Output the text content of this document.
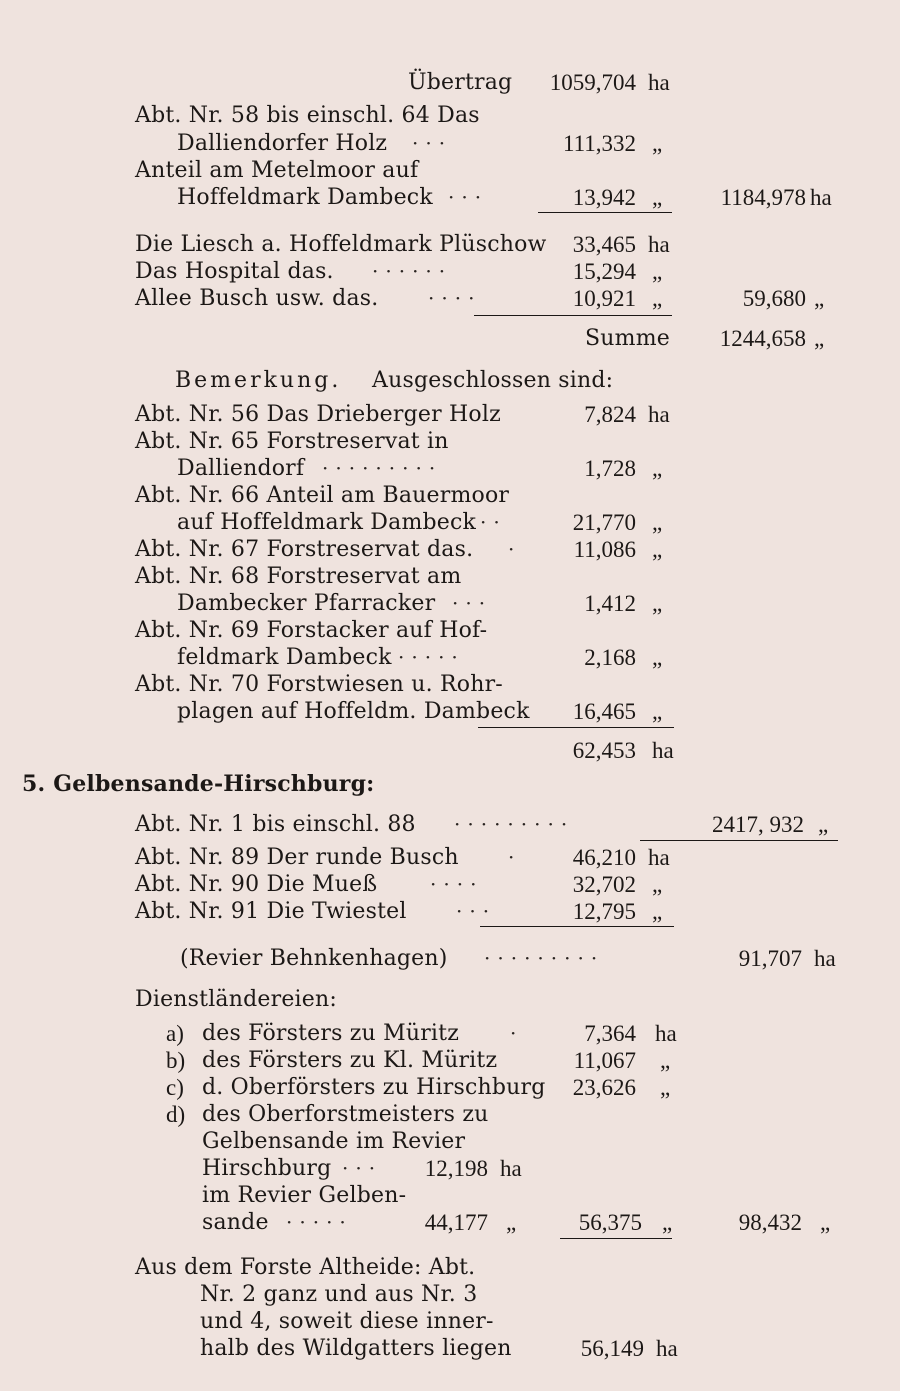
Übertrag	1059,704 ha
Abt. Nr. 58 bis einschl. 64 Das
Dalliendorfer Holz ···	111,332 „
Anteil am Metelmoor auf
Hoffeldmark Dambeck ···	13,942 „	1184,978 ha
Die Liesch a. Hoffeldmark Plüschow	33,465 ha
Das Hospital das. ······	15,294 „
Allee Busch usw. das. ····	10,921 „	59,680 „
Summe	1244,658 „
Bemerkung. Ausgeschlossen sind:
Abt. Nr. 56 Das Drieberger Holz	7,824 ha
Abt. Nr. 65 Forstreservat in
Dalliendorf ·········	1,728 „
Abt. Nr. 66 Anteil am Bauermoor
auf Hoffeldmark Dambeck ··	21,770 „
Abt. Nr. 67 Forstreservat das. ·	11,086 „
Abt. Nr. 68 Forstreservat am
Dambecker Pfarracker ···	1,412 „
Abt. Nr. 69 Forstacker auf Hof-
feldmark Dambeck ·····	2,168 „
Abt. Nr. 70 Forstwiesen u. Rohr-
plagen auf Hoffeldm. Dambeck	16,465 „
62,453 ha
5. Gelbensande-Hirschburg:
Abt. Nr. 1 bis einschl. 88 ·········	2417, 932 „
Abt. Nr. 89 Der runde Busch ·	46,210 ha
Abt. Nr. 90 Die Mueß	····	32,702 „
Abt. Nr. 91 Die Twiestel ···	12,795 „
(Revier Behnkenhagen) ·········	91,707 ha
Dienstländereien:
a) des Försters zu Müritz	·	7,364 ha
b) des Försters zu Kl. Müritz	11,067 „
c) d. Oberförsters zu Hirschburg	23,626 „
d) des Oberforstmeisters zu
Gelbensande im Revier
Hirschburg ···	12,198 ha
im Revier Gelben-
sande ·····	44,177 „	56,375 „	98,432 „
Aus dem Forste Altheide: Abt.
Nr. 2 ganz und aus Nr. 3
und 4, soweit diese inner-
halb des Wildgatters liegen	56,149 ha
